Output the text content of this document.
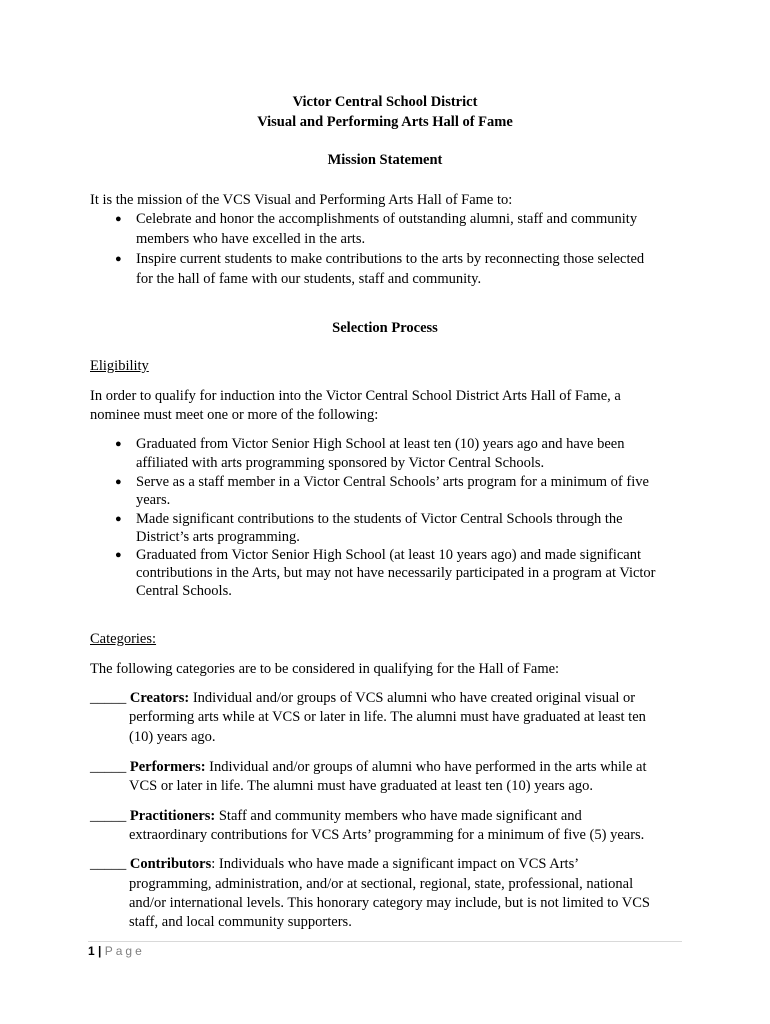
Victor Central School District
Visual and Performing Arts Hall of Fame
Mission Statement
It is the mission of the VCS Visual and Performing Arts Hall of Fame to:
● Celebrate and honor the accomplishments of outstanding alumni, staff and community
members who have excelled in the arts.
● Inspire current students to make contributions to the arts by reconnecting those selected
for the hall of fame with our students, staff and community.
Selection Process
Eligibility
In order to qualify for induction into the Victor Central School District Arts Hall of Fame, a
nominee must meet one or more of the following:
● Graduated from Victor Senior High School at least ten (10) years ago and have been
affiliated with arts programming sponsored by Victor Central Schools.
● Serve as a staff member in a Victor Central Schools’ arts program for a minimum of five
years.
● Made significant contributions to the students of Victor Central Schools through the
District’s arts programming.
● Graduated from Victor Senior High School (at least 10 years ago) and made significant
contributions in the Arts, but may not have necessarily participated in a program at Victor
Central Schools.
Categories:
The following categories are to be considered in qualifying for the Hall of Fame:
_____ Creators: Individual and/or groups of VCS alumni who have created original visual or
performing arts while at VCS or later in life. The alumni must have graduated at least ten
(10) years ago.
_____ Performers: Individual and/or groups of alumni who have performed in the arts while at
VCS or later in life. The alumni must have graduated at least ten (10) years ago.
_____ Practitioners: Staff and community members who have made significant and
extraordinary contributions for VCS Arts’ programming for a minimum of five (5) years.
_____ Contributors: Individuals who have made a significant impact on VCS Arts’
programming, administration, and/or at sectional, regional, state, professional, national
and/or international levels. This honorary category may include, but is not limited to VCS
staff, and local community supporters.
1 | Page
